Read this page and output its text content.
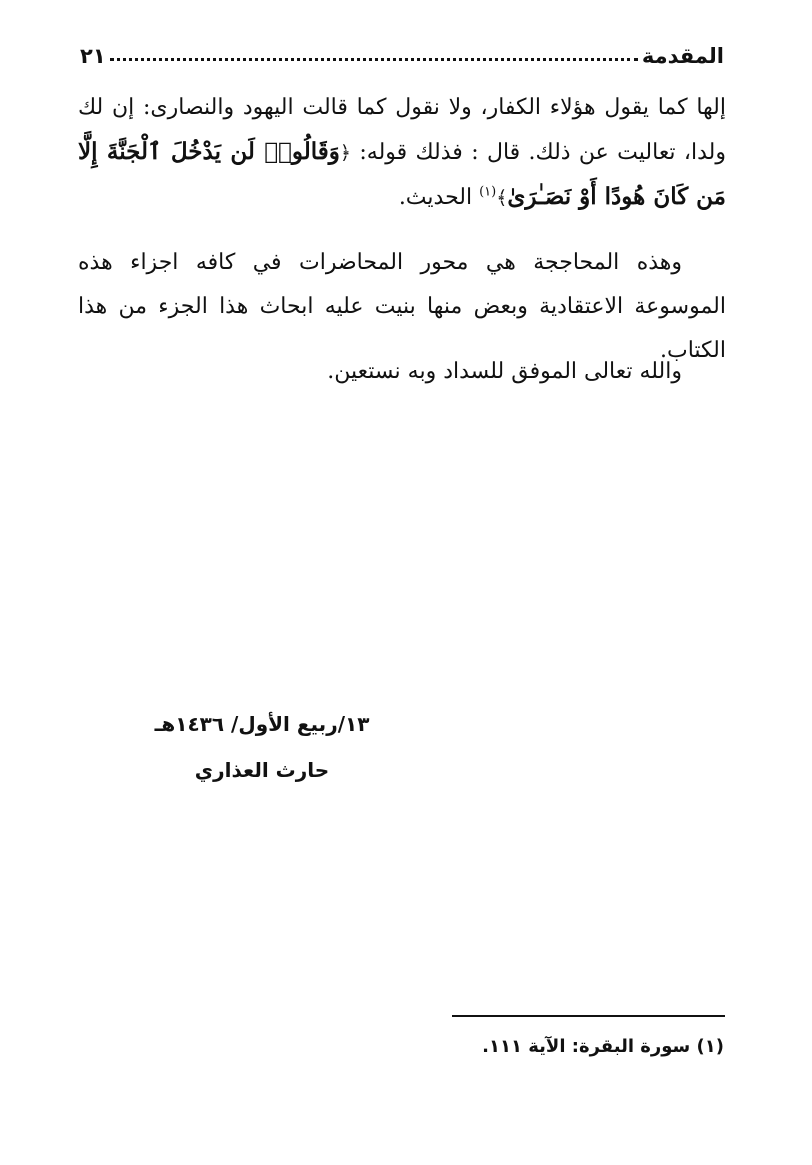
المقدمة
٢١

إلها كما يقول هؤلاء الكفار، ولا نقول كما قالت اليهود والنصارى: إن لك ولدا، تعاليت عن ذلك. قال : فذلك قوله: ﴿وَقَالُوا۟ لَن يَدْخُلَ ٱلْجَنَّةَ إِلَّا مَن كَانَ هُودًا أَوْ نَصَـٰرَىٰ﴾$^{(١)}$ الحديث.

وهذه المحاججة هي محور المحاضرات في كافه اجزاء هذه الموسوعة الاعتقادية وبعض منها بنيت عليه ابحاث هذا الجزء من هذا الكتاب.

والله تعالى الموفق للسداد وبه نستعين.

١٣/ربيع الأول/ ١٤٣٦هـ
حارث العذاري
(١) سورة البقرة: الآية ١١١.
